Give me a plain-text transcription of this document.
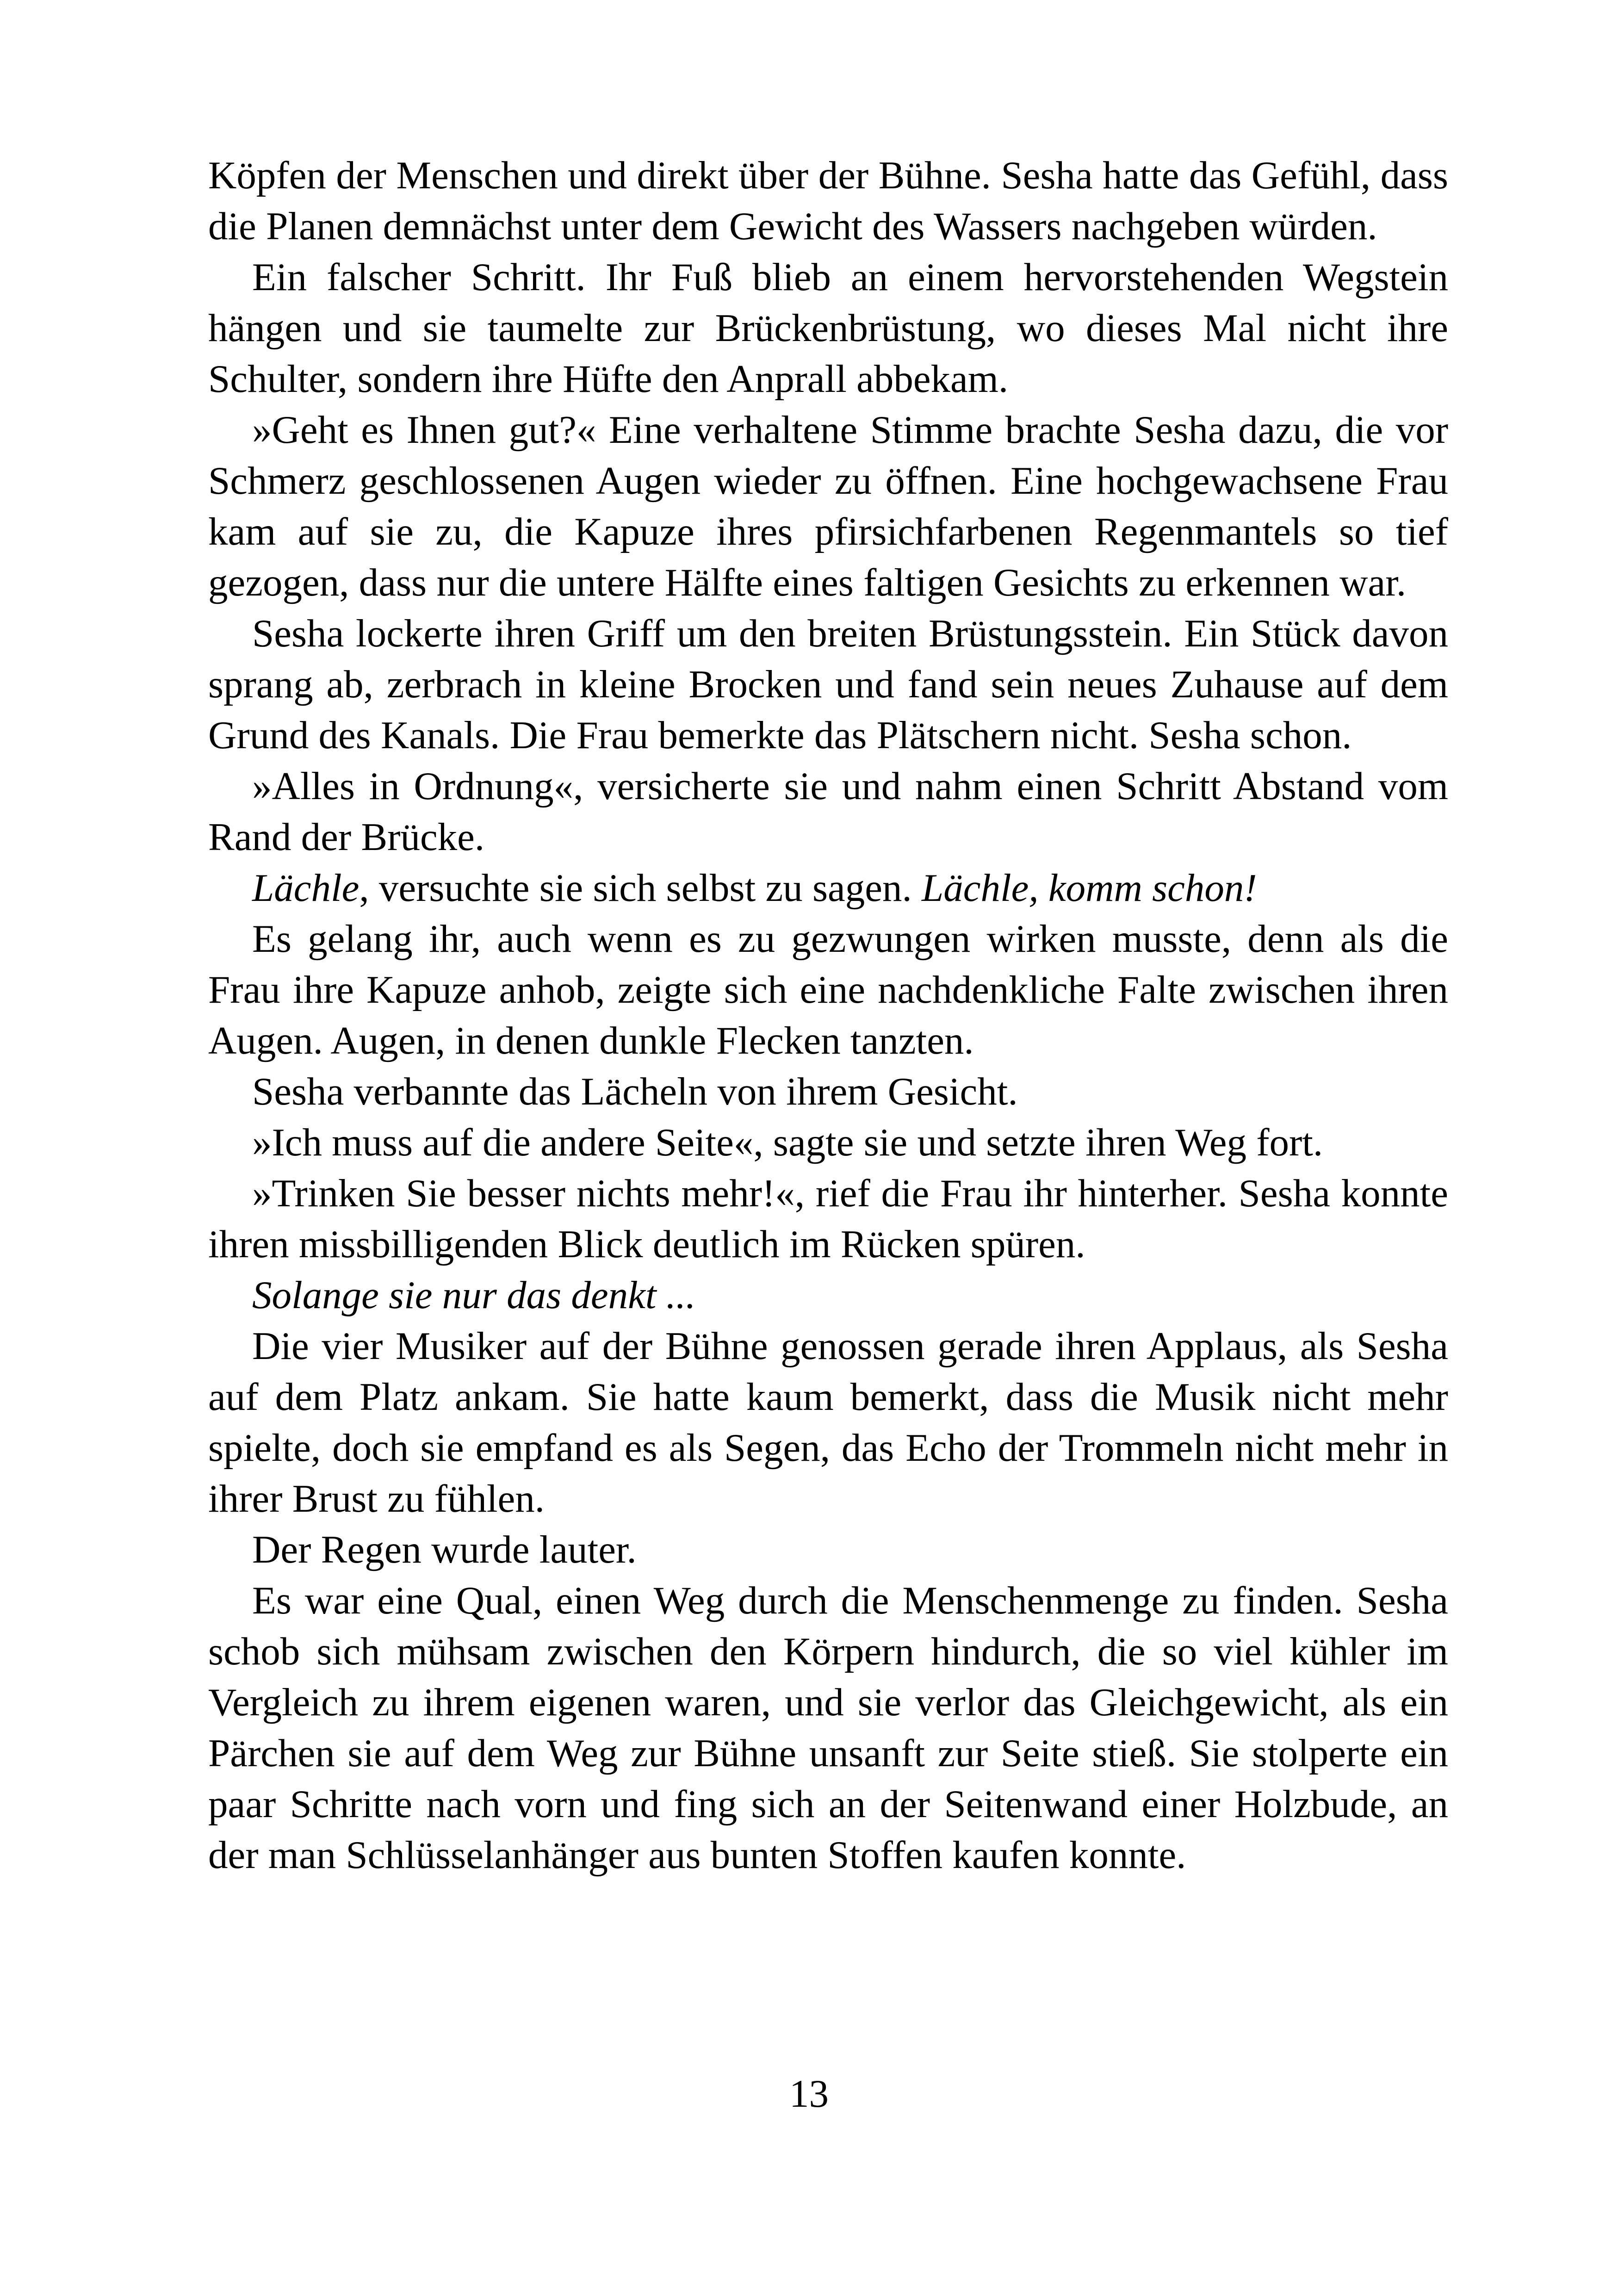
Köpfen der Menschen und direkt über der Bühne. Sesha hatte das Gefühl, dass die Planen demnächst unter dem Gewicht des Wassers nachgeben würden.

Ein falscher Schritt. Ihr Fuß blieb an einem hervorstehenden Wegstein hängen und sie taumelte zur Brückenbrüstung, wo dieses Mal nicht ihre Schulter, sondern ihre Hüfte den Anprall abbekam.

»Geht es Ihnen gut?« Eine verhaltene Stimme brachte Sesha dazu, die vor Schmerz geschlossenen Augen wieder zu öffnen. Eine hochgewachsene Frau kam auf sie zu, die Kapuze ihres pfirsichfarbenen Regenmantels so tief gezogen, dass nur die untere Hälfte eines faltigen Gesichts zu erkennen war.

Sesha lockerte ihren Griff um den breiten Brüstungsstein. Ein Stück davon sprang ab, zerbrach in kleine Brocken und fand sein neues Zuhause auf dem Grund des Kanals. Die Frau bemerkte das Plätschern nicht. Sesha schon.

»Alles in Ordnung«, versicherte sie und nahm einen Schritt Abstand vom Rand der Brücke.

Lächle, versuchte sie sich selbst zu sagen. Lächle, komm schon!

Es gelang ihr, auch wenn es zu gezwungen wirken musste, denn als die Frau ihre Kapuze anhob, zeigte sich eine nachdenkliche Falte zwischen ihren Augen. Augen, in denen dunkle Flecken tanzten.

Sesha verbannte das Lächeln von ihrem Gesicht.

»Ich muss auf die andere Seite«, sagte sie und setzte ihren Weg fort.

»Trinken Sie besser nichts mehr!«, rief die Frau ihr hinterher. Sesha konnte ihren missbilligenden Blick deutlich im Rücken spüren.

Solange sie nur das denkt ...

Die vier Musiker auf der Bühne genossen gerade ihren Applaus, als Sesha auf dem Platz ankam. Sie hatte kaum bemerkt, dass die Musik nicht mehr spielte, doch sie empfand es als Segen, das Echo der Trommeln nicht mehr in ihrer Brust zu fühlen.

Der Regen wurde lauter.

Es war eine Qual, einen Weg durch die Menschenmenge zu finden. Sesha schob sich mühsam zwischen den Körpern hindurch, die so viel kühler im Vergleich zu ihrem eigenen waren, und sie verlor das Gleichgewicht, als ein Pärchen sie auf dem Weg zur Bühne unsanft zur Seite stieß. Sie stolperte ein paar Schritte nach vorn und fing sich an der Seitenwand einer Holzbude, an der man Schlüsselanhänger aus bunten Stoffen kaufen konnte.

13
